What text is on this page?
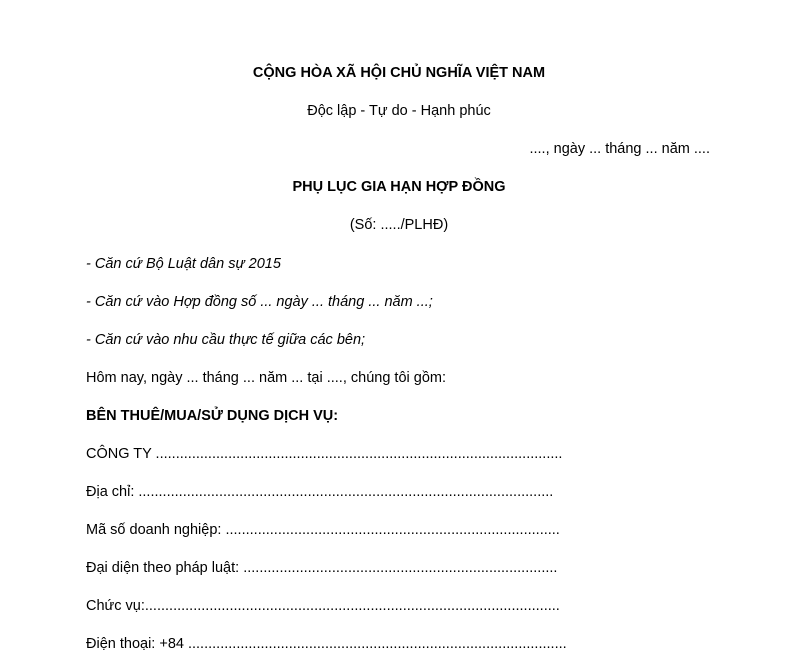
CỘNG HÒA XÃ HỘI CHỦ NGHĨA VIỆT NAM
Độc lập - Tự do - Hạnh phúc
...., ngày ... tháng ... năm ....
PHỤ LỤC GIA HẠN HỢP ĐỒNG
(Số: ...../PLHĐ)
- Căn cứ Bộ Luật dân sự 2015
- Căn cứ vào Hợp đồng số ... ngày ... tháng ... năm ...;
- Căn cứ vào nhu cầu thực tế giữa các bên;
Hôm nay, ngày ... tháng ... năm ... tại ...., chúng tôi gồm:
BÊN THUÊ/MUA/SỬ DỤNG DỊCH VỤ:
CÔNG TY .....................................................................................................
Địa chỉ: .......................................................................................................
Mã số doanh nghiệp: ...................................................................................
Đại diện theo pháp luật: ..............................................................................
Chức vụ:.......................................................................................................
Điện thoại: +84 ..............................................................................................
